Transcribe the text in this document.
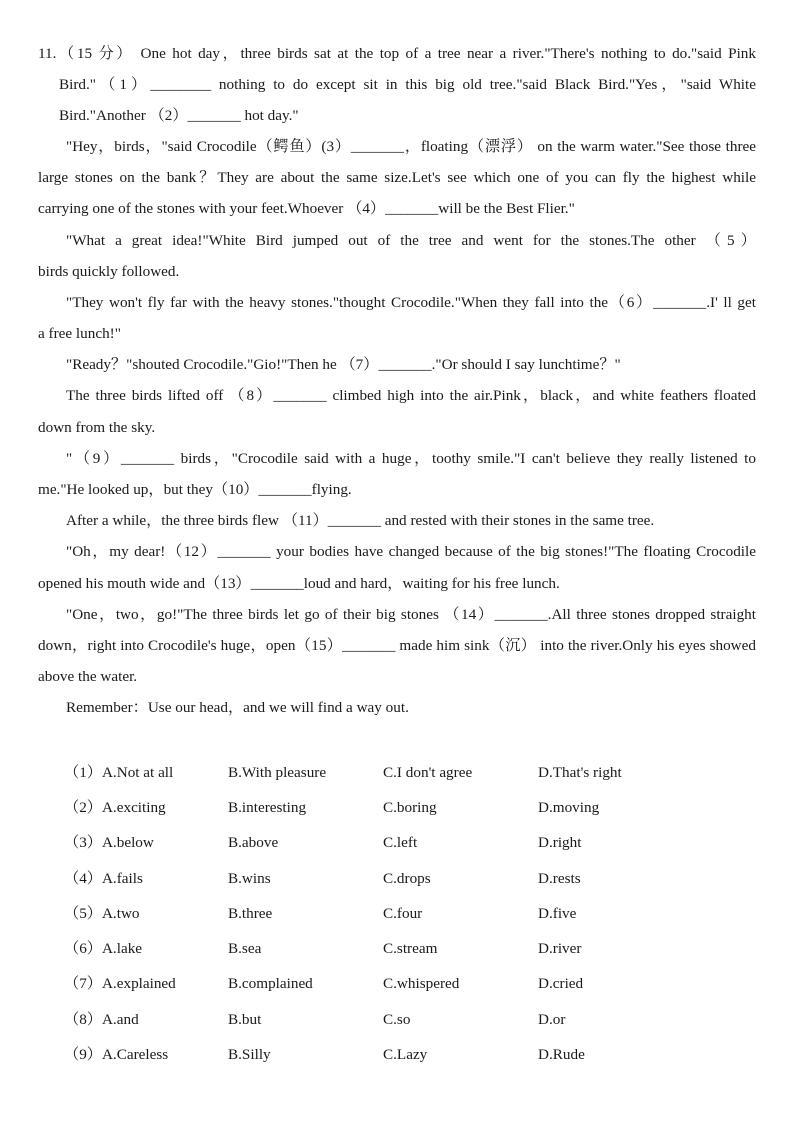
11.（15 分） One hot day，three birds sat at the top of a tree near a river."There's nothing to do."said Pink
Bird."（1）________ nothing to do except sit in this big old tree."said Black Bird."Yes，"said White
Bird."Another （2）_______ hot day."
"Hey，birds，"said Crocodile（鳄鱼）(3）_______，floating（漂浮） on the warm water."See those three
large stones on the bank？They are about the same size.Let's see which one of you can fly the highest while
carrying one of the stones with your feet.Whoever （4）_______will be the Best Flier."
"What a great idea!"White Bird jumped out of the tree and went for the stones.The other （5）
birds quickly followed.
"They won't fly far with the heavy stones."thought Crocodile."When they fall into the（6）_______.I' ll get
a free lunch!"
"Ready？"shouted Crocodile."Gio!"Then he （7）_______."Or should I say lunchtime？"
The three birds lifted off （8）_______ climbed high into the air.Pink，black，and white feathers floated
down from the sky.
"（9）_______ birds，"Crocodile said with a huge，toothy smile."I can't believe they really listened to
me."He looked up，but they（10）_______flying.
After a while，the three birds flew （11）_______ and rested with their stones in the same tree.
"Oh，my dear!（12）_______ your bodies have changed because of the big stones!"The floating Crocodile
opened his mouth wide and（13）_______loud and hard，waiting for his free lunch.
"One，two，go!"The three birds let go of their big stones （14）_______.All three stones dropped straight
down，right into Crocodile's huge，open（15）_______ made him sink（沉） into the river.Only his eyes showed
above the water.
Remember：Use our head，and we will find a way out.
（1）A.Not at all	B.With pleasure	C.I don't agree	D.That's right
（2）A.exciting	B.interesting	C.boring	D.moving
（3）A.below	B.above	C.left	D.right
（4）A.fails	B.wins	C.drops	D.rests
（5）A.two	B.three	C.four	D.five
（6）A.lake	B.sea	C.stream	D.river
（7）A.explained	B.complained	C.whispered	D.cried
（8）A.and	B.but	C.so	D.or
（9）A.Careless	B.Silly	C.Lazy	D.Rude
